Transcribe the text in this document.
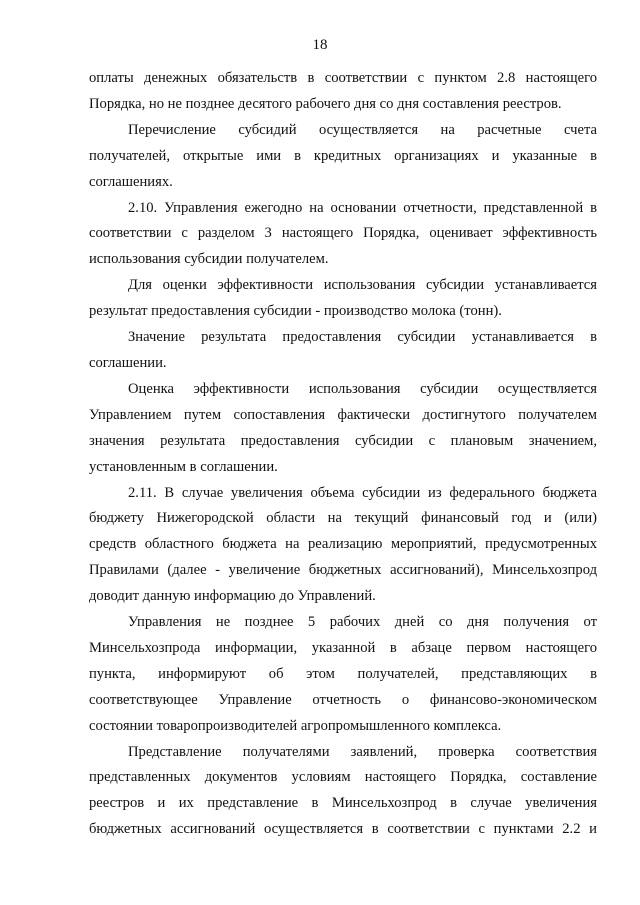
18
оплаты денежных обязательств в соответствии с пунктом 2.8 настоящего
Порядка, но не позднее десятого рабочего дня со дня составления реестров.
Перечисление субсидий осуществляется на расчетные счета
получателей, открытые ими в кредитных организациях и указанные в
соглашениях.
2.10. Управления ежегодно на основании отчетности, представленной в
соответствии с разделом 3 настоящего Порядка, оценивает эффективность
использования субсидии получателем.
Для оценки эффективности использования субсидии устанавливается
результат предоставления субсидии - производство молока (тонн).
Значение результата предоставления субсидии устанавливается в
соглашении.
Оценка эффективности использования субсидии осуществляется
Управлением путем сопоставления фактически достигнутого получателем
значения результата предоставления субсидии с плановым значением,
установленным в соглашении.
2.11. В случае увеличения объема субсидии из федерального бюджета
бюджету Нижегородской области на текущий финансовый год и (или)
средств областного бюджета на реализацию мероприятий, предусмотренных
Правилами (далее - увеличение бюджетных ассигнований), Минсельхозпрод
доводит данную информацию до Управлений.
Управления не позднее 5 рабочих дней со дня получения от
Минсельхозпрода информации, указанной в абзаце первом настоящего
пункта, информируют об этом получателей, представляющих в
соответствующее Управление отчетность о финансово-экономическом
состоянии товаропроизводителей агропромышленного комплекса.
Представление получателями заявлений, проверка соответствия
представленных документов условиям настоящего Порядка, составление
реестров и их представление в Минсельхозпрод в случае увеличения
бюджетных ассигнований осуществляется в соответствии с пунктами 2.2 и
